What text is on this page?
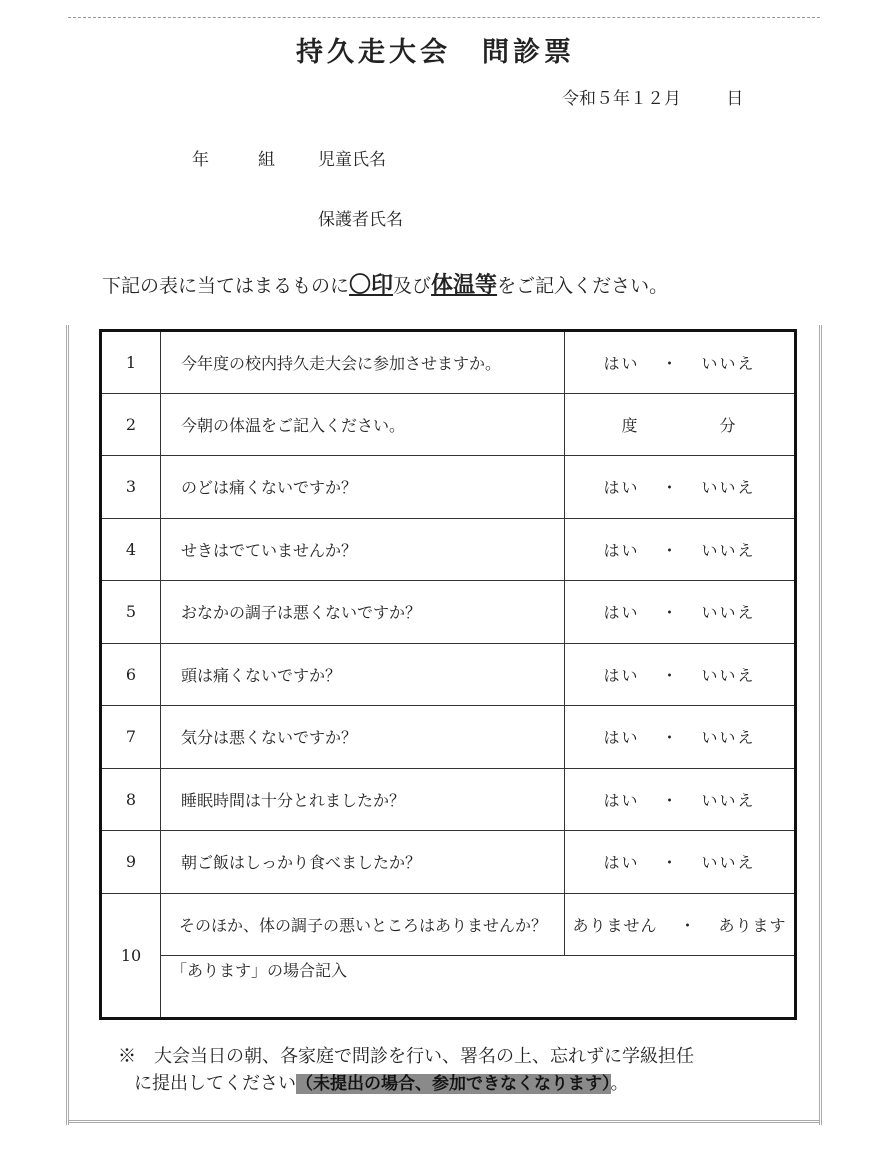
持久走大会　問診票
令和５年１２月	日
年	組	児童氏名
保護者氏名

下記の表に当てはまるものに〇印及び体温等をご記入ください。

1	今年度の校内持久走大会に参加させますか。	はい ・ いいえ
2	今朝の体温をご記入ください。	度 分
3	のどは痛くないですか？	はい ・ いいえ
4	せきはでていませんか？	はい ・ いいえ
5	おなかの調子は悪くないですか？	はい ・ いいえ
6	頭は痛くないですか？	はい ・ いいえ
7	気分は悪くないですか？	はい ・ いいえ
8	睡眠時間は十分とれましたか？	はい ・ いいえ
9	朝ご飯はしっかり食べましたか？	はい ・ いいえ
10	そのほか、体の調子の悪いところはありませんか？	ありません ・ あります
	「あります」の場合記入	
※　 大会当日の朝、各家庭で問診を行い、署名の上、忘れずに学級担任
に提出してください（未提出の場合、参加できなくなります）。
